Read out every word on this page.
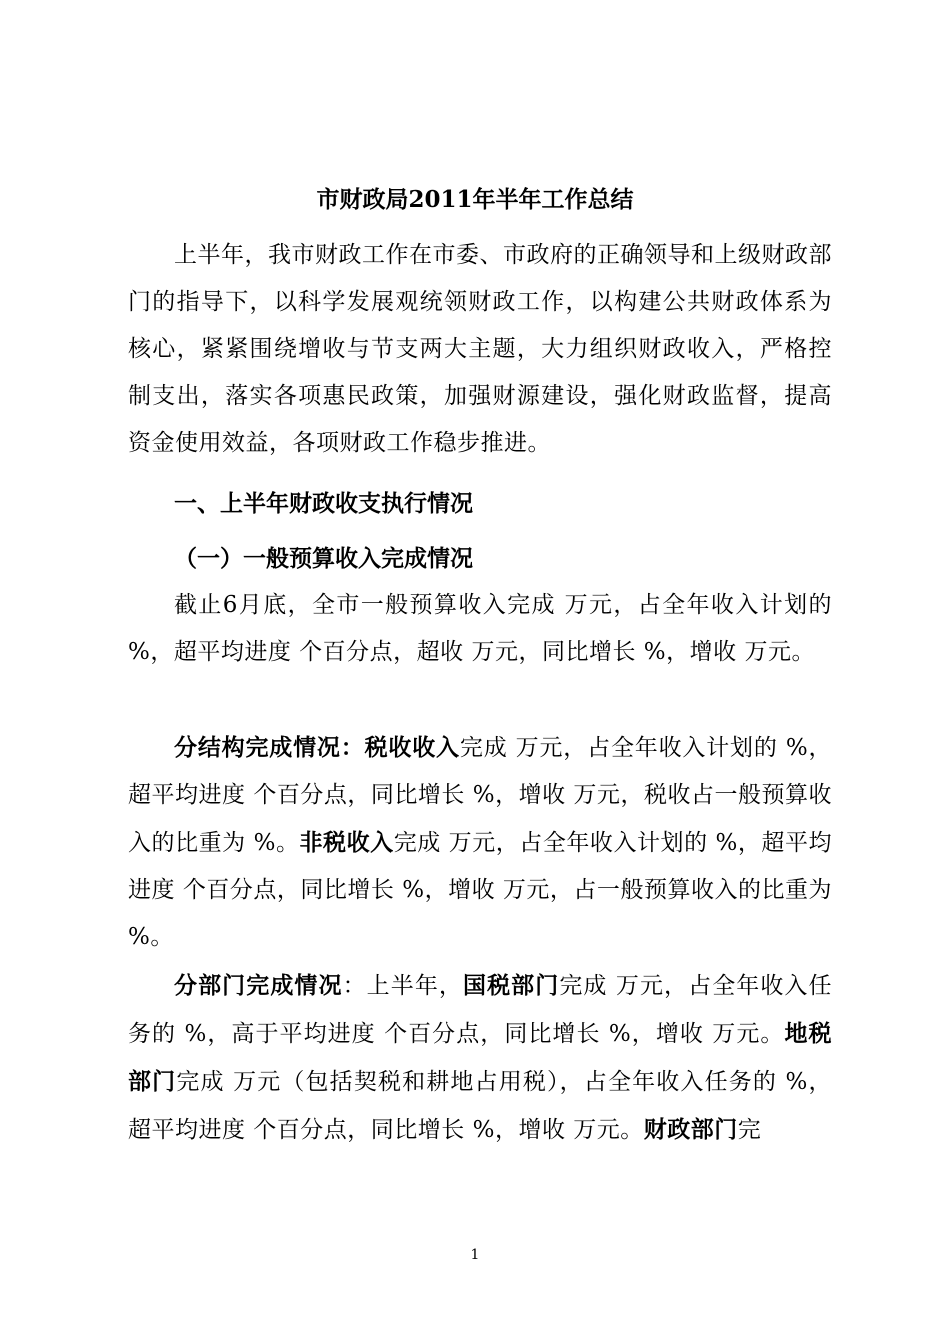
市财政局2011年半年工作总结
上半年，我市财政工作在市委、市政府的正确领导和上级财政部门的指导下，以科学发展观统领财政工作，以构建公共财政体系为核心，紧紧围绕增收与节支两大主题，大力组织财政收入，严格控制支出，落实各项惠民政策，加强财源建设，强化财政监督，提高资金使用效益，各项财政工作稳步推进。
一、上半年财政收支执行情况
（一）一般预算收入完成情况
截止6月底，全市一般预算收入完成 万元，占全年收入计划的 %，超平均进度 个百分点，超收 万元，同比增长 %，增收 万元。
分结构完成情况：税收收入完成 万元，占全年收入计划的 %，超平均进度 个百分点，同比增长 %，增收 万元，税收占一般预算收入的比重为 %。非税收入完成 万元，占全年收入计划的 %，超平均进度 个百分点，同比增长 %，增收 万元，占一般预算收入的比重为 %。
分部门完成情况：上半年，国税部门完成 万元，占全年收入任务的 %，高于平均进度 个百分点，同比增长 %，增收 万元。地税部门完成 万元（包括契税和耕地占用税），占全年收入任务的 %，超平均进度 个百分点，同比增长 %，增收 万元。财政部门完
1
